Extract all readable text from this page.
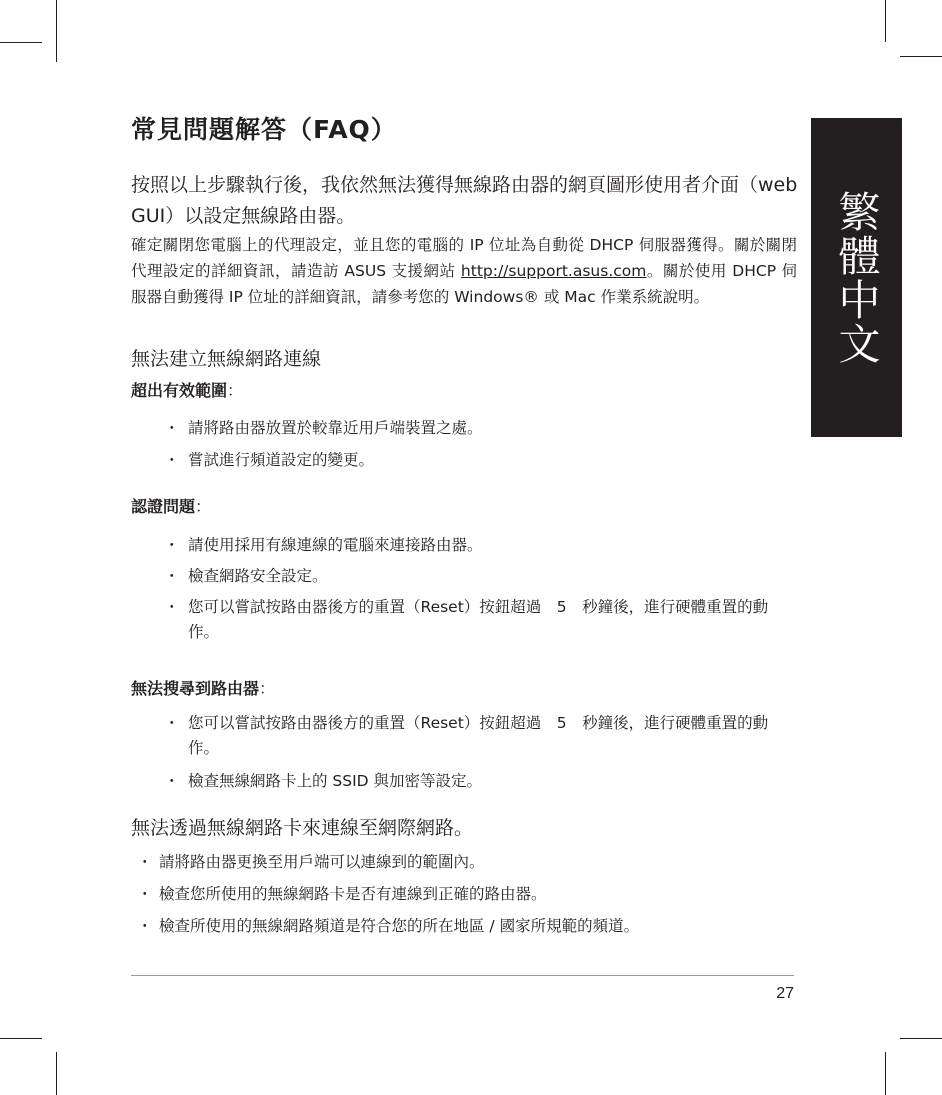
繁體中文
常見問題解答（FAQ）
按照以上步驟執行後，我依然無法獲得無線路由器的網頁圖形使用者介面（web GUI）以設定無線路由器。

確定關閉您電腦上的代理設定，並且您的電腦的 IP 位址為自動從 DHCP 伺服器獲得。關於關閉代理設定的詳細資訊，請造訪 ASUS 支援網站 http://support.asus.com。關於使用 DHCP 伺服器自動獲得 IP 位址的詳細資訊，請參考您的 Windows® 或 Mac 作業系統說明。

無法建立無線網路連線
超出有效範圍：
・ 請將路由器放置於較靠近用戶端裝置之處。
・ 嘗試進行頻道設定的變更。
認證問題：
・ 請使用採用有線連線的電腦來連接路由器。
・ 檢查網路安全設定。
・ 您可以嘗試按路由器後方的重置（Reset）按鈕超過　5　秒鐘後，進行硬體重置的動作。
無法搜尋到路由器：
・ 您可以嘗試按路由器後方的重置（Reset）按鈕超過　5　秒鐘後，進行硬體重置的動作。
・ 檢查無線網路卡上的 SSID 與加密等設定。
無法透過無線網路卡來連線至網際網路。
・ 請將路由器更換至用戶端可以連線到的範圍內。
・ 檢查您所使用的無線網路卡是否有連線到正確的路由器。
・ 檢查所使用的無線網路頻道是符合您的所在地區 / 國家所規範的頻道。
27
